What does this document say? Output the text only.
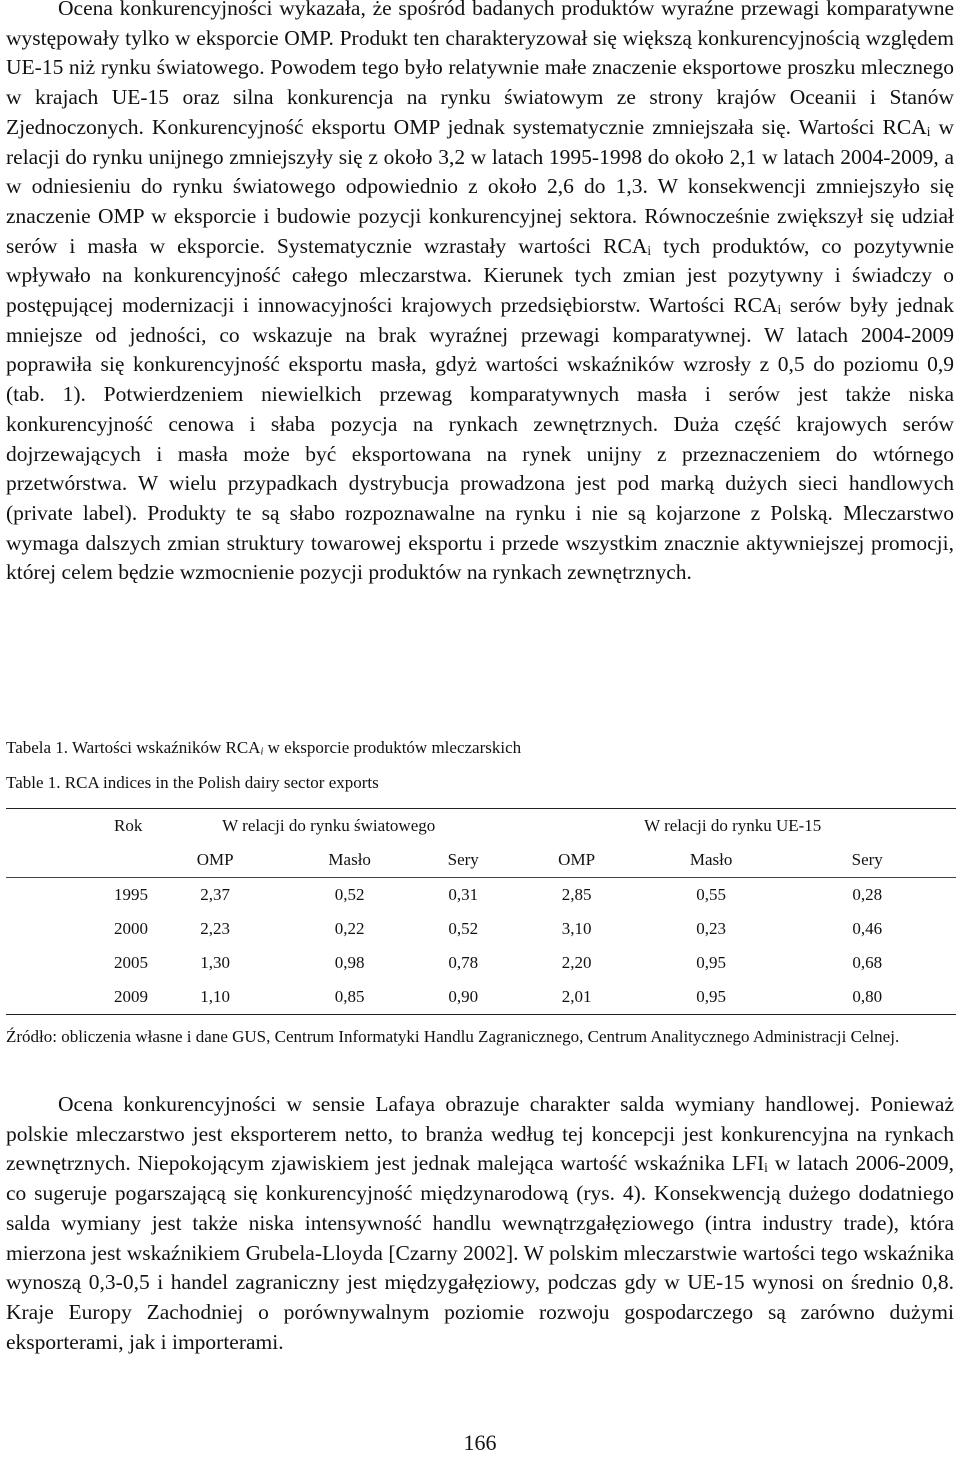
Ocena konkurencyjności wykazała, że spośród badanych produktów wyraźne przewagi komparatywne występowały tylko w eksporcie OMP. Produkt ten charakteryzował się większą konkurencyjnością względem UE-15 niż rynku światowego. Powodem tego było relatywnie małe znaczenie eksportowe proszku mlecznego w krajach UE-15 oraz silna konkurencja na rynku światowym ze strony krajów Oceanii i Stanów Zjednoczonych. Konkurencyjność eksportu OMP jednak systematycznie zmniejszała się. Wartości $RCA_i$ w relacji do rynku unijnego zmniejszyły się z około 3,2 w latach 1995-1998 do około 2,1 w latach 2004-2009, a w odniesieniu do rynku światowego odpowiednio z około 2,6 do 1,3. W konsekwencji zmniejszyło się znaczenie OMP w eksporcie i budowie pozycji konkurencyjnej sektora. Równocześnie zwiększył się udział serów i masła w eksporcie. Systematycznie wzrastały wartości $RCA_i$ tych produktów, co pozytywnie wpływało na konkurencyjność całego mleczarstwa. Kierunek tych zmian jest pozytywny i świadczy o postępującej modernizacji i innowacyjności krajowych przedsiębiorstw. Wartości $RCA_i$ serów były jednak mniejsze od jedności, co wskazuje na brak wyraźnej przewagi komparatywnej. W latach 2004-2009 poprawiła się konkurencyjność eksportu masła, gdyż wartości wskaźników wzrosły z 0,5 do poziomu 0,9 (tab. 1). Potwierdzeniem niewielkich przewag komparatywnych masła i serów jest także niska konkurencyjność cenowa i słaba pozycja na rynkach zewnętrznych. Duża część krajowych serów dojrzewających i masła może być eksportowana na rynek unijny z przeznaczeniem do wtórnego przetwórstwa. W wielu przypadkach dystrybucja prowadzona jest pod marką dużych sieci handlowych (private label). Produkty te są słabo rozpoznawalne na rynku i nie są kojarzone z Polską. Mleczarstwo wymaga dalszych zmian struktury towarowej eksportu i przede wszystkim znacznie aktywniejszej promocji, której celem będzie wzmocnienie pozycji produktów na rynkach zewnętrznych.

Tabela 1. Wartości wskaźników $RCA_i$ w eksporcie produktów mleczarskich

Table 1. RCA indices in the Polish dairy sector exports

Rok	W relacji do rynku światowego			W relacji do rynku UE-15		
	OMP	Masło	Sery	OMP	Masło	Sery
1995	2,37	0,52	0,31	2,85	0,55	0,28
2000	2,23	0,22	0,52	3,10	0,23	0,46
2005	1,30	0,98	0,78	2,20	0,95	0,68
2009	1,10	0,85	0,90	2,01	0,95	0,80

Źródło: obliczenia własne i dane GUS, Centrum Informatyki Handlu Zagranicznego, Centrum Analitycznego Administracji Celnej.

Ocena konkurencyjności w sensie Lafaya obrazuje charakter salda wymiany handlowej. Ponieważ polskie mleczarstwo jest eksporterem netto, to branża według tej koncepcji jest konkurencyjna na rynkach zewnętrznych. Niepokojącym zjawiskiem jest jednak malejąca wartość wskaźnika $LFI_i$ w latach 2006-2009, co sugeruje pogarszającą się konkurencyjność międzynarodową (rys. 4). Konsekwencją dużego dodatniego salda wymiany jest także niska intensywność handlu wewnątrzgałęziowego (intra industry trade), która mierzona jest wskaźnikiem Grubela-Lloyda [Czarny 2002]. W polskim mleczarstwie wartości tego wskaźnika wynoszą 0,3-0,5 i handel zagraniczny jest międzygałęziowy, podczas gdy w UE-15 wynosi on średnio 0,8. Kraje Europy Zachodniej o porównywalnym poziomie rozwoju gospodarczego są zarówno dużymi eksporterami, jak i importerami.

166
